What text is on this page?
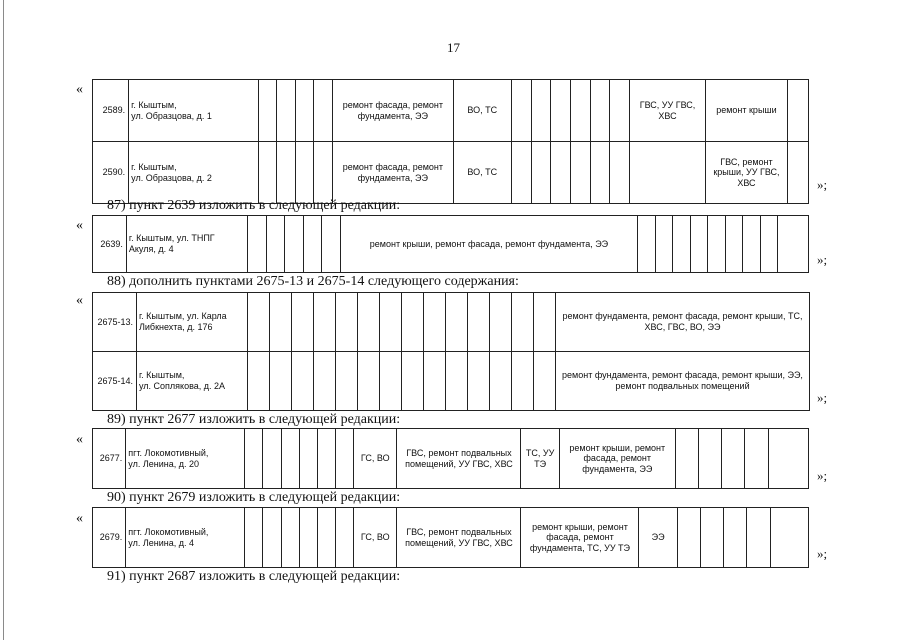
17
«
2589.	г. Кыштым,
ул. Образцова, д. 1					ремонт фасада, ремонт фундамента, ЭЭ	ВО, ТС							ГВС, УУ ГВС, ХВС	ремонт крыши	
2590.	г. Кыштым,
ул. Образцова, д. 2					ремонт фасада, ремонт фундамента, ЭЭ	ВО, ТС								ГВС, ремонт крыши, УУ ГВС, ХВС		»;
87) пункт 2639 изложить в следующей редакции:
«
2639.	г. Кыштым, ул. ТНПГ
Акуля, д. 4						ремонт крыши, ремонт фасада, ремонт фундамента, ЭЭ									
»;
88) дополнить пунктами 2675-13 и 2675-14 следующего содержания:
«
2675-13.	г. Кыштым, ул. Карла
Либкнехта, д. 176															ремонт фундамента, ремонт фасада, ремонт крыши, ТС, ХВС, ГВС, ВО, ЭЭ
2675-14.	г. Кыштым,
ул. Соплякова, д. 2А															ремонт фундамента, ремонт фасада, ремонт крыши, ЭЭ, ремонт подвальных помещений
»;
89) пункт 2677 изложить в следующей редакции:
«
2677.	пгт. Локомотивный,
ул. Ленина, д. 20							ГС, ВО	ГВС, ремонт подвальных помещений, УУ ГВС, ХВС	ТС, УУ ТЭ	ремонт крыши, ремонт фасада, ремонт фундамента, ЭЭ						»;
90) пункт 2679 изложить в следующей редакции:
«
2679.	пгт. Локомотивный,
ул. Ленина, д. 4							ГС, ВО	ГВС, ремонт подвальных помещений, УУ ГВС, ХВС	ремонт крыши, ремонт фасада, ремонт фундамента, ТС, УУ ТЭ	ЭЭ					
»;
91) пункт 2687 изложить в следующей редакции:
